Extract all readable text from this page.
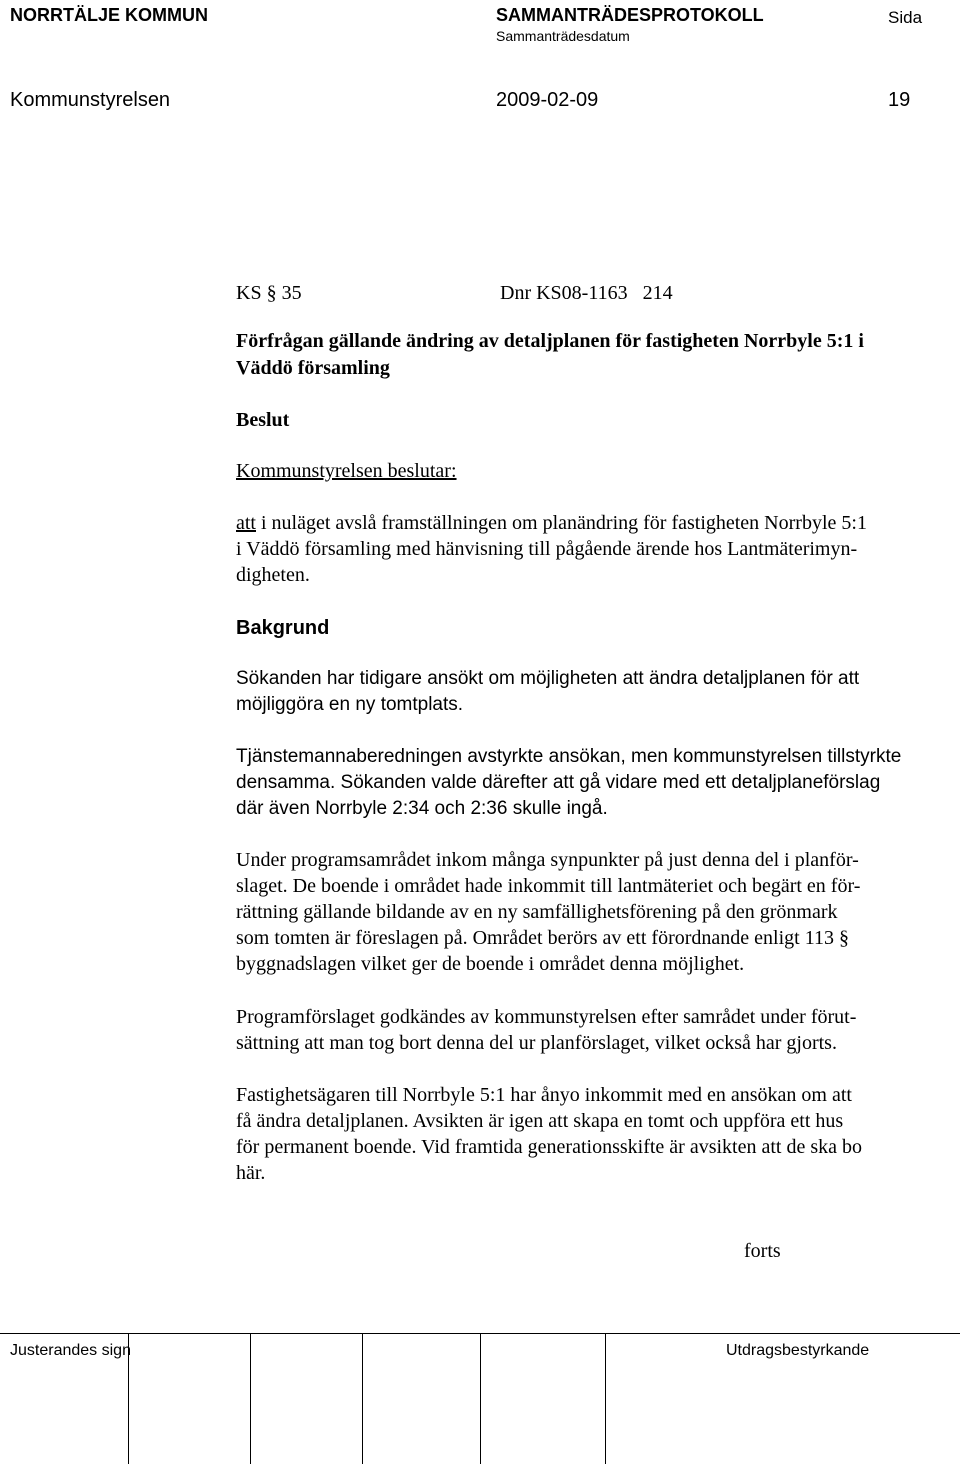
NORRTÄLJE KOMMUN	SAMMANTRÄDESPROTOKOLL
Sammanträdesdatum
Sida
Kommunstyrelsen	2009-02-09	19
KS § 35	Dnr KS08-1163 214
Förfrågan gällande ändring av detaljplanen för fastigheten Norrbyle 5:1 i
Väddö församling
Beslut
Kommunstyrelsen beslutar:
att i nuläget avslå framställningen om planändring för fastigheten Norrbyle 5:1
i Väddö församling med hänvisning till pågående ärende hos Lantmäterimyn-
digheten.
Bakgrund
Sökanden har tidigare ansökt om möjligheten att ändra detaljplanen för att
möjliggöra en ny tomtplats.
Tjänstemannaberedningen avstyrkte ansökan, men kommunstyrelsen tillstyrkte
densamma. Sökanden valde därefter att gå vidare med ett detaljplaneförslag
där även Norrbyle 2:34 och 2:36 skulle ingå.
Under programsamrådet inkom många synpunkter på just denna del i planför-
slaget. De boende i området hade inkommit till lantmäteriet och begärt en för-
rättning gällande bildande av en ny samfällighetsförening på den grönmark
som tomten är föreslagen på. Området berörs av ett förordnande enligt 113 §
byggnadslagen vilket ger de boende i området denna möjlighet.
Programförslaget godkändes av kommunstyrelsen efter samrådet under förut-
sättning att man tog bort denna del ur planförslaget, vilket också har gjorts.
Fastighetsägaren till Norrbyle 5:1 har ånyo inkommit med en ansökan om att
få ändra detaljplanen. Avsikten är igen att skapa en tomt och uppföra ett hus
för permanent boende. Vid framtida generationsskifte är avsikten att de ska bo
här.
forts
Justerandes sign	Utdragsbestyrkande
